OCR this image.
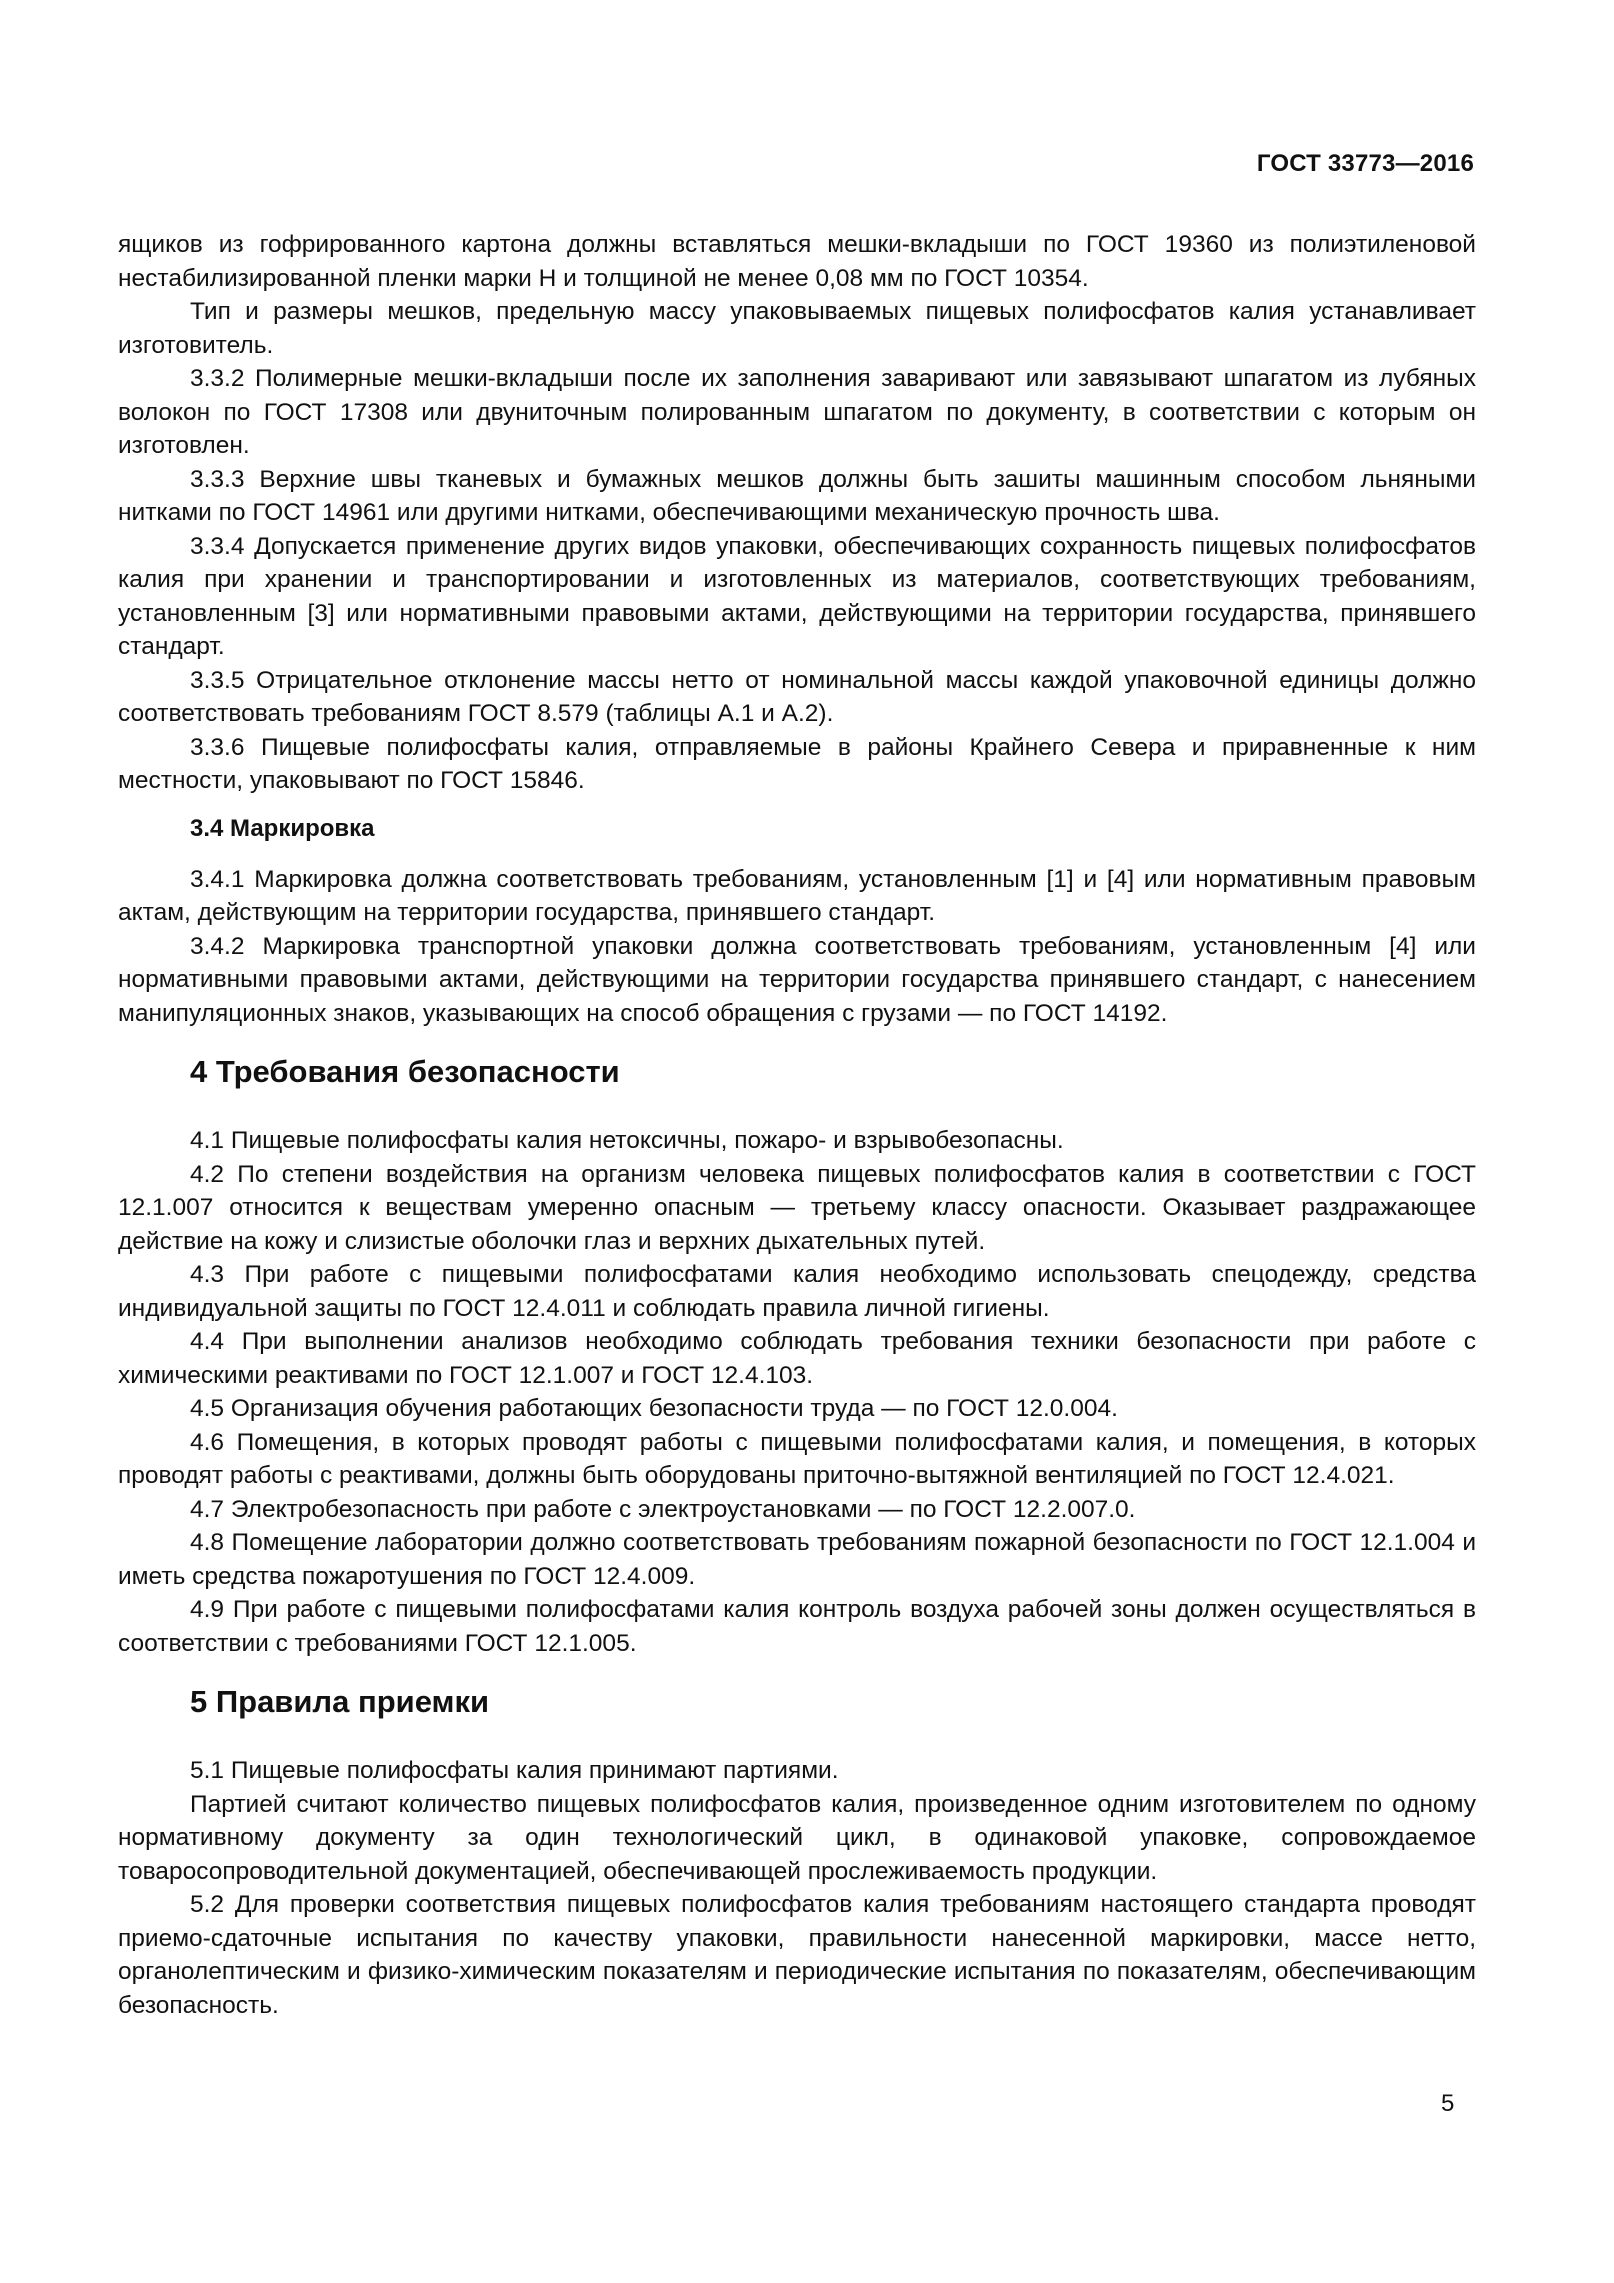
ГОСТ 33773—2016

ящиков из гофрированного картона должны вставляться мешки-вкладыши по ГОСТ 19360 из полиэтиленовой нестабилизированной пленки марки Н и толщиной не менее 0,08 мм по ГОСТ 10354.

Тип и размеры мешков, предельную массу упаковываемых пищевых полифосфатов калия устанавливает изготовитель.

3.3.2 Полимерные мешки-вкладыши после их заполнения заваривают или завязывают шпагатом из лубяных волокон по ГОСТ 17308 или двуниточным полированным шпагатом по документу, в соответствии с которым он изготовлен.

3.3.3 Верхние швы тканевых и бумажных мешков должны быть зашиты машинным способом льняными нитками по ГОСТ 14961 или другими нитками, обеспечивающими механическую прочность шва.

3.3.4 Допускается применение других видов упаковки, обеспечивающих сохранность пищевых полифосфатов калия при хранении и транспортировании и изготовленных из материалов, соответствующих требованиям, установленным [3] или нормативными правовыми актами, действующими на территории государства, принявшего стандарт.

3.3.5 Отрицательное отклонение массы нетто от номинальной массы каждой упаковочной единицы должно соответствовать требованиям ГОСТ 8.579 (таблицы А.1 и А.2).

3.3.6 Пищевые полифосфаты калия, отправляемые в районы Крайнего Севера и приравненные к ним местности, упаковывают по ГОСТ 15846.

3.4 Маркировка

3.4.1 Маркировка должна соответствовать требованиям, установленным [1] и [4] или нормативным правовым актам, действующим на территории государства, принявшего стандарт.

3.4.2 Маркировка транспортной упаковки должна соответствовать требованиям, установленным [4] или нормативными правовыми актами, действующими на территории государства принявшего стандарт, с нанесением манипуляционных знаков, указывающих на способ обращения с грузами — по ГОСТ 14192.

4 Требования безопасности

4.1 Пищевые полифосфаты калия нетоксичны, пожаро- и взрывобезопасны.

4.2 По степени воздействия на организм человека пищевых полифосфатов калия в соответствии с ГОСТ 12.1.007 относится к веществам умеренно опасным — третьему классу опасности. Оказывает раздражающее действие на кожу и слизистые оболочки глаз и верхних дыхательных путей.

4.3 При работе с пищевыми полифосфатами калия необходимо использовать спецодежду, средства индивидуальной защиты по ГОСТ 12.4.011 и соблюдать правила личной гигиены.

4.4 При выполнении анализов необходимо соблюдать требования техники безопасности при работе с химическими реактивами по ГОСТ 12.1.007 и ГОСТ 12.4.103.

4.5 Организация обучения работающих безопасности труда — по ГОСТ 12.0.004.

4.6 Помещения, в которых проводят работы с пищевыми полифосфатами калия, и помещения, в которых проводят работы с реактивами, должны быть оборудованы приточно-вытяжной вентиляцией по ГОСТ 12.4.021.

4.7 Электробезопасность при работе с электроустановками — по ГОСТ 12.2.007.0.

4.8 Помещение лаборатории должно соответствовать требованиям пожарной безопасности по ГОСТ 12.1.004 и иметь средства пожаротушения по ГОСТ 12.4.009.

4.9 При работе с пищевыми полифосфатами калия контроль воздуха рабочей зоны должен осуществляться в соответствии с требованиями ГОСТ 12.1.005.

5 Правила приемки

5.1 Пищевые полифосфаты калия принимают партиями.

Партией считают количество пищевых полифосфатов калия, произведенное одним изготовителем по одному нормативному документу за один технологический цикл, в одинаковой упаковке, сопровождаемое товаросопроводительной документацией, обеспечивающей прослеживаемость продукции.

5.2 Для проверки соответствия пищевых полифосфатов калия требованиям настоящего стандарта проводят приемо-сдаточные испытания по качеству упаковки, правильности нанесенной маркировки, массе нетто, органолептическим и физико-химическим показателям и периодические испытания по показателям, обеспечивающим безопасность.

5
